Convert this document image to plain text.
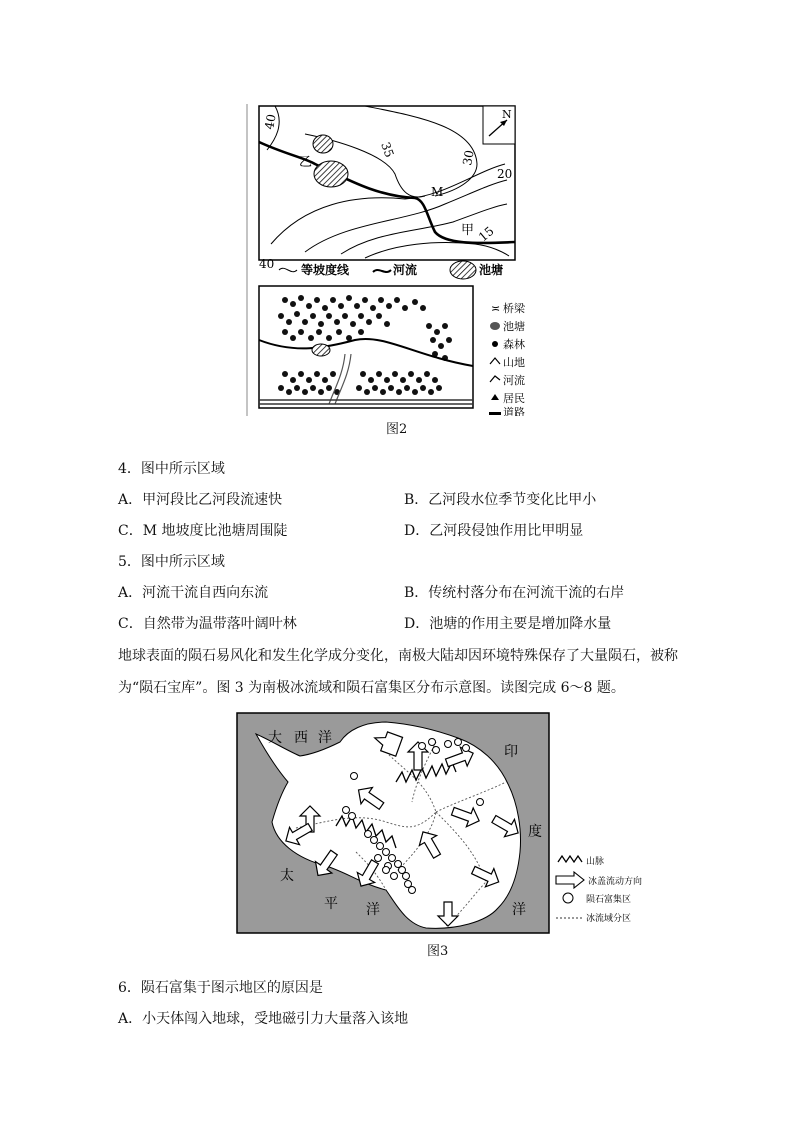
N
40
35	30
20
15
40
乙
M
甲
等坡度线	河流	池塘
≍ 桥梁
池塘
森林
山地
河流
居民
道路
图2
4．图中所示区域
A．甲河段比乙河段流速快	B．乙河段水位季节变化比甲小
C．M 地坡度比池塘周围陡	D．乙河段侵蚀作用比甲明显
5．图中所示区域
A．河流干流自西向东流	B．传统村落分布在河流干流的右岸
C．自然带为温带落叶阔叶林	D．池塘的作用主要是增加降水量
地球表面的陨石易风化和发生化学成分变化，南极大陆却因环境特殊保存了大量陨石，被称
为“陨石宝库”。图 3 为南极冰流域和陨石富集区分布示意图。读图完成 6～8 题。
大 西 洋
印
度
太
平 洋	洋
山脉
冰盖流动方向
陨石富集区
冰流域分区
图3
6．陨石富集于图示地区的原因是
A．小天体闯入地球，受地磁引力大量落入该地
